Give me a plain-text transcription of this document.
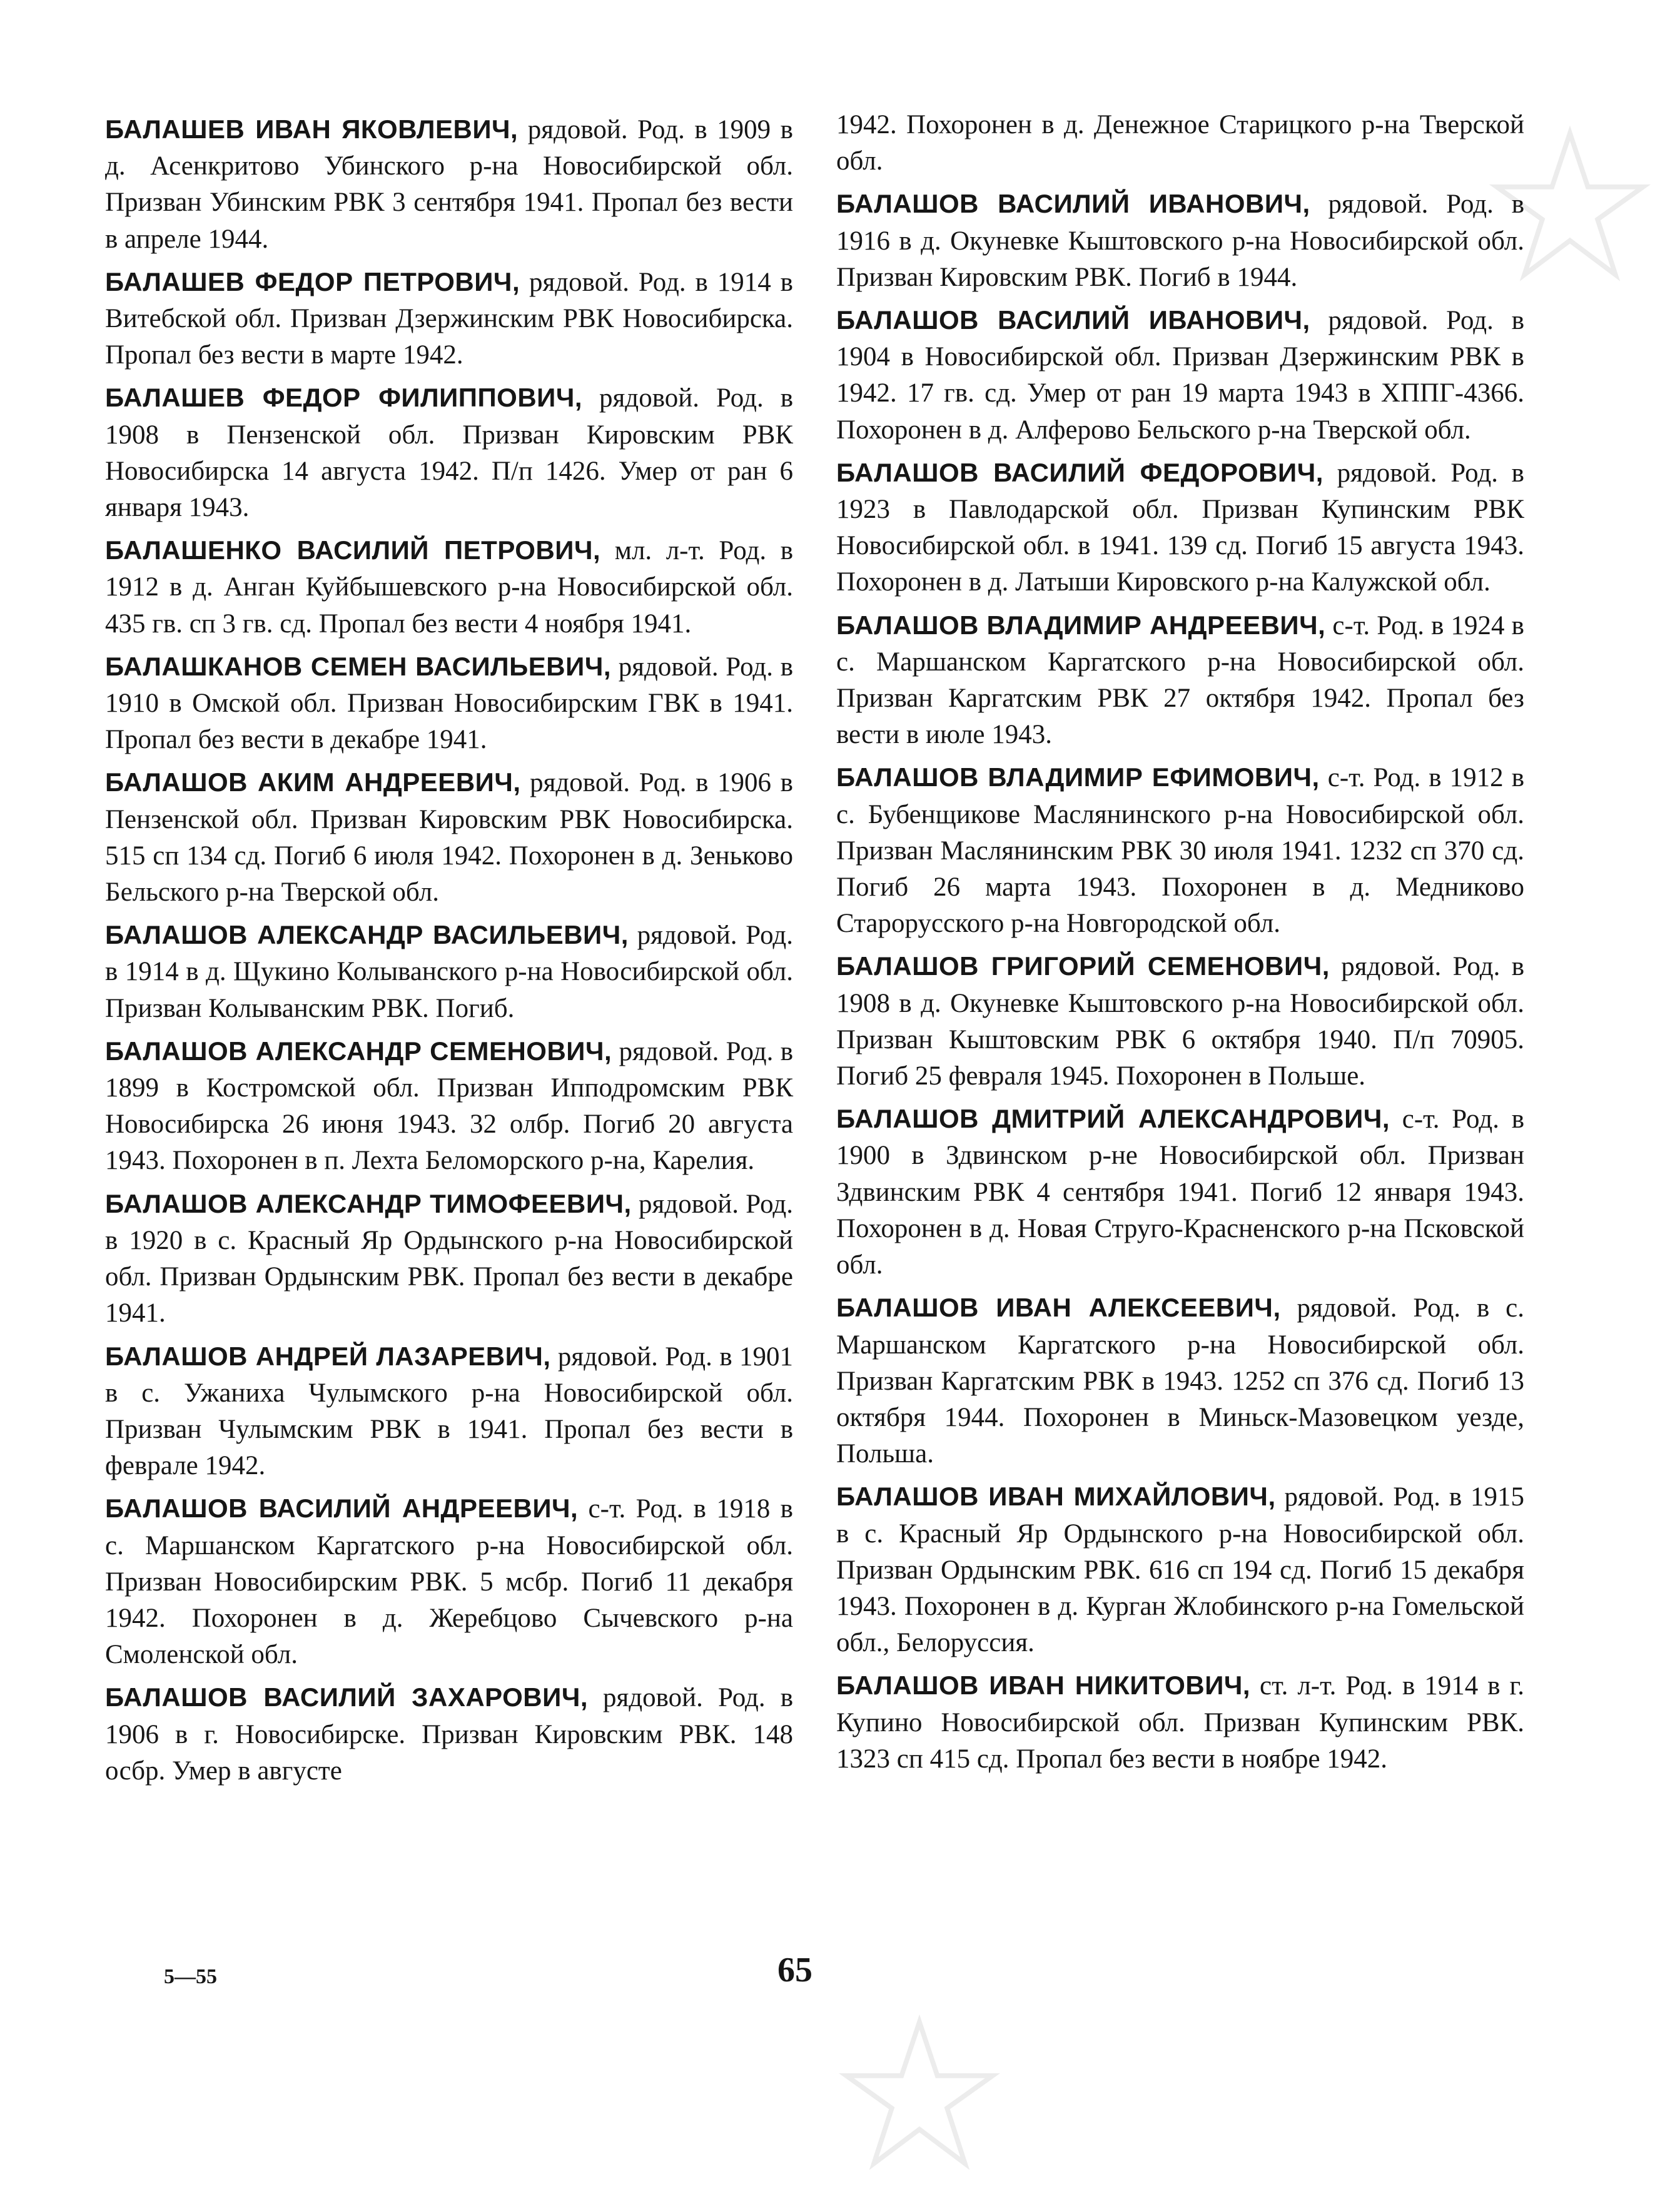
БАЛАШЕВ ИВАН ЯКОВЛЕВИЧ, рядовой. Род. в 1909 в д. Асенкритово Убинского р-на Новосибирской обл. Призван Убинским РВК 3 сентября 1941. Пропал без вести в апреле 1944.

БАЛАШЕВ ФЕДОР ПЕТРОВИЧ, рядовой. Род. в 1914 в Витебской обл. Призван Дзержинским РВК Новосибирска. Пропал без вести в марте 1942.

БАЛАШЕВ ФЕДОР ФИЛИППОВИЧ, рядовой. Род. в 1908 в Пензенской обл. Призван Кировским РВК Новосибирска 14 августа 1942. П/п 1426. Умер от ран 6 января 1943.

БАЛАШЕНКО ВАСИЛИЙ ПЕТРОВИЧ, мл. л-т. Род. в 1912 в д. Анган Куйбышевского р-на Новосибирской обл. 435 гв. сп 3 гв. сд. Пропал без вести 4 ноября 1941.

БАЛАШКАНОВ СЕМЕН ВАСИЛЬЕВИЧ, рядовой. Род. в 1910 в Омской обл. Призван Новосибирским ГВК в 1941. Пропал без вести в декабре 1941.

БАЛАШОВ АКИМ АНДРЕЕВИЧ, рядовой. Род. в 1906 в Пензенской обл. Призван Кировским РВК Новосибирска. 515 сп 134 сд. Погиб 6 июля 1942. Похоронен в д. Зеньково Бельского р-на Тверской обл.

БАЛАШОВ АЛЕКСАНДР ВАСИЛЬЕВИЧ, рядовой. Род. в 1914 в д. Щукино Колыванского р-на Новосибирской обл. Призван Колыванским РВК. Погиб.

БАЛАШОВ АЛЕКСАНДР СЕМЕНОВИЧ, рядовой. Род. в 1899 в Костромской обл. Призван Ипподромским РВК Новосибирска 26 июня 1943. 32 олбр. Погиб 20 августа 1943. Похоронен в п. Лехта Беломорского р-на, Карелия.

БАЛАШОВ АЛЕКСАНДР ТИМОФЕЕВИЧ, рядовой. Род. в 1920 в с. Красный Яр Ордынского р-на Новосибирской обл. Призван Ордынским РВК. Пропал без вести в декабре 1941.

БАЛАШОВ АНДРЕЙ ЛАЗАРЕВИЧ, рядовой. Род. в 1901 в с. Ужаниха Чулымского р-на Новосибирской обл. Призван Чулымским РВК в 1941. Пропал без вести в феврале 1942.

БАЛАШОВ ВАСИЛИЙ АНДРЕЕВИЧ, с-т. Род. в 1918 в с. Маршанском Каргатского р-на Новосибирской обл. Призван Новосибирским РВК. 5 мсбр. Погиб 11 декабря 1942. Похоронен в д. Жеребцово Сычевского р-на Смоленской обл.

БАЛАШОВ ВАСИЛИЙ ЗАХАРОВИЧ, рядовой. Род. в 1906 в г. Новосибирске. Призван Кировским РВК. 148 осбр. Умер в августе

1942. Похоронен в д. Денежное Старицкого р-на Тверской обл.

БАЛАШОВ ВАСИЛИЙ ИВАНОВИЧ, рядовой. Род. в 1916 в д. Окуневке Кыштовского р-на Новосибирской обл. Призван Кировским РВК. Погиб в 1944.

БАЛАШОВ ВАСИЛИЙ ИВАНОВИЧ, рядовой. Род. в 1904 в Новосибирской обл. Призван Дзержинским РВК в 1942. 17 гв. сд. Умер от ран 19 марта 1943 в ХППГ-4366. Похоронен в д. Алферово Бельского р-на Тверской обл.

БАЛАШОВ ВАСИЛИЙ ФЕДОРОВИЧ, рядовой. Род. в 1923 в Павлодарской обл. Призван Купинским РВК Новосибирской обл. в 1941. 139 сд. Погиб 15 августа 1943. Похоронен в д. Латыши Кировского р-на Калужской обл.

БАЛАШОВ ВЛАДИМИР АНДРЕЕВИЧ, с-т. Род. в 1924 в с. Маршанском Каргатского р-на Новосибирской обл. Призван Каргатским РВК 27 октября 1942. Пропал без вести в июле 1943.

БАЛАШОВ ВЛАДИМИР ЕФИМОВИЧ, с-т. Род. в 1912 в с. Бубенщикове Маслянинского р-на Новосибирской обл. Призван Маслянинским РВК 30 июля 1941. 1232 сп 370 сд. Погиб 26 марта 1943. Похоронен в д. Медниково Старорусского р-на Новгородской обл.

БАЛАШОВ ГРИГОРИЙ СЕМЕНОВИЧ, рядовой. Род. в 1908 в д. Окуневке Кыштовского р-на Новосибирской обл. Призван Кыштовским РВК 6 октября 1940. П/п 70905. Погиб 25 февраля 1945. Похоронен в Польше.

БАЛАШОВ ДМИТРИЙ АЛЕКСАНДРОВИЧ, с-т. Род. в 1900 в Здвинском р-не Новосибирской обл. Призван Здвинским РВК 4 сентября 1941. Погиб 12 января 1943. Похоронен в д. Новая Струго-Красненского р-на Псковской обл.

БАЛАШОВ ИВАН АЛЕКСЕЕВИЧ, рядовой. Род. в с. Маршанском Каргатского р-на Новосибирской обл. Призван Каргатским РВК в 1943. 1252 сп 376 сд. Погиб 13 октября 1944. Похоронен в Миньск-Мазовецком уезде, Польша.

БАЛАШОВ ИВАН МИХАЙЛОВИЧ, рядовой. Род. в 1915 в с. Красный Яр Ордынского р-на Новосибирской обл. Призван Ордынским РВК. 616 сп 194 сд. Погиб 15 декабря 1943. Похоронен в д. Курган Жлобинского р-на Гомельской обл., Белоруссия.

БАЛАШОВ ИВАН НИКИТОВИЧ, ст. л-т. Род. в 1914 в г. Купино Новосибирской обл. Призван Купинским РВК. 1323 сп 415 сд. Пропал без вести в ноябре 1942.

5—55	65
